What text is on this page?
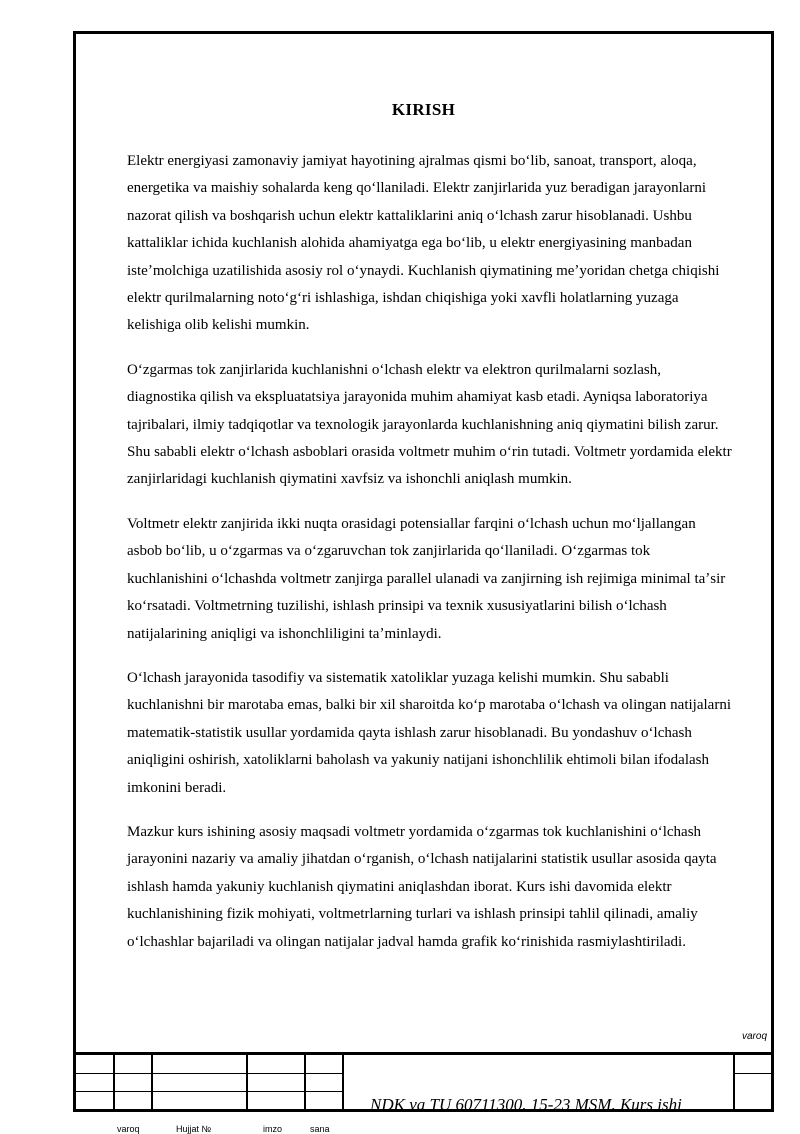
KIRISH

Elektr energiyasi zamonaviy jamiyat hayotining ajralmas qismi boʻlib, sanoat, transport, aloqa, energetika va maishiy sohalarda keng qoʻllaniladi. Elektr zanjirlarida yuz beradigan jarayonlarni nazorat qilish va boshqarish uchun elektr kattaliklarini aniq oʻlchash zarur hisoblanadi. Ushbu kattaliklar ichida kuchlanish alohida ahamiyatga ega boʻlib, u elektr energiyasining manbadan isteʼmolchiga uzatilishida asosiy rol oʻynaydi. Kuchlanish qiymatining meʼyoridan chetga chiqishi elektr qurilmalarning notoʻgʻri ishlashiga, ishdan chiqishiga yoki xavfli holatlarning yuzaga kelishiga olib kelishi mumkin.

Oʻzgarmas tok zanjirlarida kuchlanishni oʻlchash elektr va elektron qurilmalarni sozlash, diagnostika qilish va ekspluatatsiya jarayonida muhim ahamiyat kasb etadi. Ayniqsa laboratoriya tajribalari, ilmiy tadqiqotlar va texnologik jarayonlarda kuchlanishning aniq qiymatini bilish zarur. Shu sababli elektr oʻlchash asboblari orasida voltmetr muhim oʻrin tutadi. Voltmetr yordamida elektr zanjirlaridagi kuchlanish qiymatini xavfsiz va ishonchli aniqlash mumkin.

Voltmetr elektr zanjirida ikki nuqta orasidagi potensiallar farqini oʻlchash uchun moʻljallangan asbob boʻlib, u oʻzgarmas va oʻzgaruvchan tok zanjirlarida qoʻllaniladi. Oʻzgarmas tok kuchlanishini oʻlchashda voltmetr zanjirga parallel ulanadi va zanjirning ish rejimiga minimal taʼsir koʻrsatadi. Voltmetrning tuzilishi, ishlash prinsipi va texnik xususiyatlarini bilish oʻlchash natijalarining aniqligi va ishonchliligini taʼminlaydi.

Oʻlchash jarayonida tasodifiy va sistematik xatoliklar yuzaga kelishi mumkin. Shu sababli kuchlanishni bir marotaba emas, balki bir xil sharoitda koʻp marotaba oʻlchash va olingan natijalarni matematik-statistik usullar yordamida qayta ishlash zarur hisoblanadi. Bu yondashuv oʻlchash aniqligini oshirish, xatoliklarni baholash va yakuniy natijani ishonchlilik ehtimoli bilan ifodalash imkonini beradi.

Mazkur kurs ishining asosiy maqsadi voltmetr yordamida oʻzgarmas tok kuchlanishini oʻlchash jarayonini nazariy va amaliy jihatdan oʻrganish, oʻlchash natijalarini statistik usullar asosida qayta ishlash hamda yakuniy kuchlanish qiymatini aniqlashdan iborat. Kurs ishi davomida elektr kuchlanishining fizik mohiyati, voltmetrlarning turlari va ishlash prinsipi tahlil qilinadi, amaliy oʻlchashlar bajariladi va olingan natijalar jadval hamda grafik koʻrinishida rasmiylashtiriladi.

varoq
NDK va TU 60711300. 15-23 MSM. Kurs ishi
varoq	Hujjat №	imzo	sana
